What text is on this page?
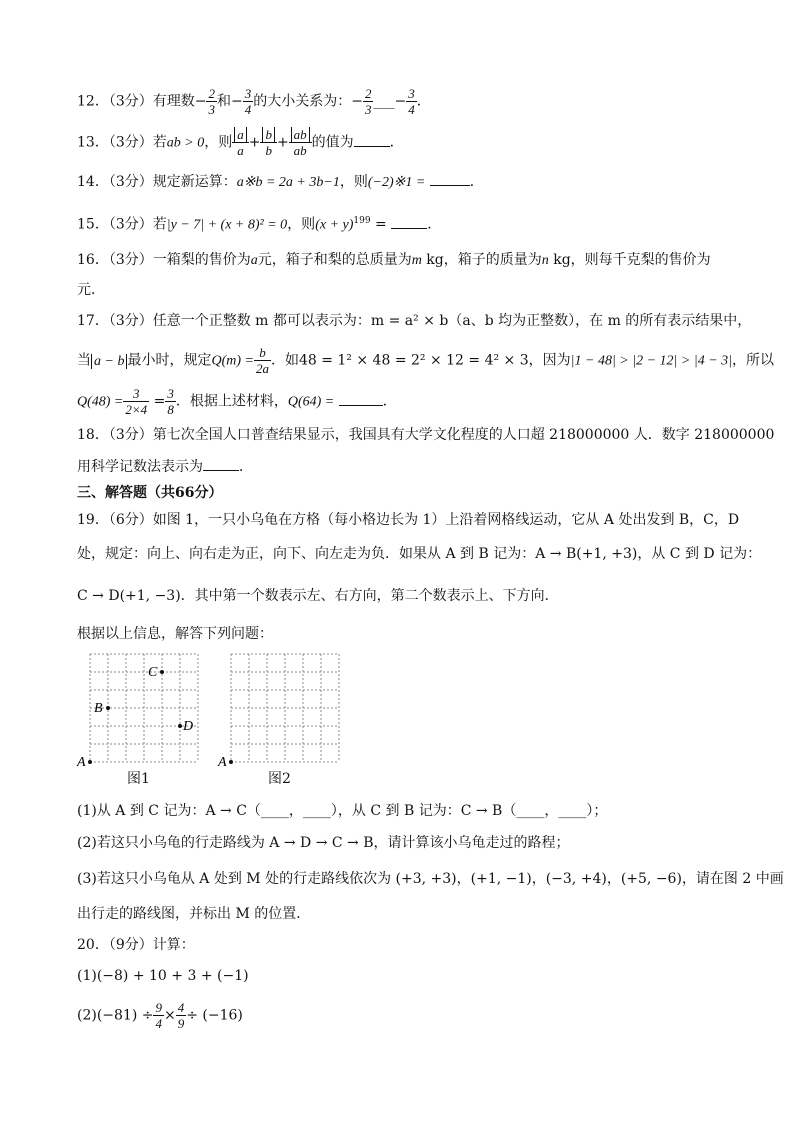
12．（3分）有理数− $\frac{2}{3}$ 和− $\frac{3}{4}$ 的大小关系为：− $\frac{2}{3}$ ___− $\frac{3}{4}$ ．
13．（3分）若ab > 0，则 $\frac{a}{a} + \frac{b}{b} + \frac{ab}{ab}$ 的值为	．
14．（3分）规定新运算：a※b = 2a + 3b−1，则(−2)※1 =	．
15．（3分）若|y − 7| + (x + 8)² = 0，则$(x + y)^{199}$ =	．
16．（3分）一箱梨的售价为a元，箱子和梨的总质量为m kg，箱子的质量为n kg，则每千克梨的售价为
元．
17．（3分）任意一个正整数 m 都可以表示为：m = a² × b（a、b 均为正整数），在 m 的所有表示结果中，
当 a − b 最小时，规定$Q(m) = \frac{b}{2a}$ ．如48 = 1² × 48 = 2² × 12 = 4² × 3，因为|1 − 48| > |2 − 12| > |4 − 3|，所以
$Q(48) = \frac{3}{2\times 4} = \frac{3}{8}$ ．根据上述材料，Q(64) =	．
18．（3分）第七次全国人口普查结果显示，我国具有大学文化程度的人口超 218000000 人．数字 218000000
用科学记数法表示为	．
三、解答题（共66分）
19．（6分）如图 1，一只小乌龟在方格（每小格边长为 1）上沿着网格线运动，它从 A 处出发到 B，C，D
处，规定：向上、向右走为正，向下、向左走为负．如果从 A 到 B 记为：A → B(+1, +3)，从 C 到 D 记为：
C → D(+1, −3)．其中第一个数表示左、右方向，第二个数表示上、下方向．
根据以上信息，解答下列问题：
A
B
C
D
图1
A
图2
(1)从 A 到 C 记为：A → C（____，____），从 C 到 B 记为：C → B（____，____）；
(2)若这只小乌龟的行走路线为 A → D → C → B，请计算该小乌龟走过的路程；
(3)若这只小乌龟从 A 处到 M 处的行走路线依次为 (+3, +3)，(+1, −1)，(−3, +4)，(+5, −6)，请在图 2 中画
出行走的路线图，并标出 M 的位置．
20．（9分）计算：
(1)(−8) + 10 + 3 + (−1)
$(2)(-81) \div \frac{9}{4} \times \frac{4}{9} \div (-16)$
